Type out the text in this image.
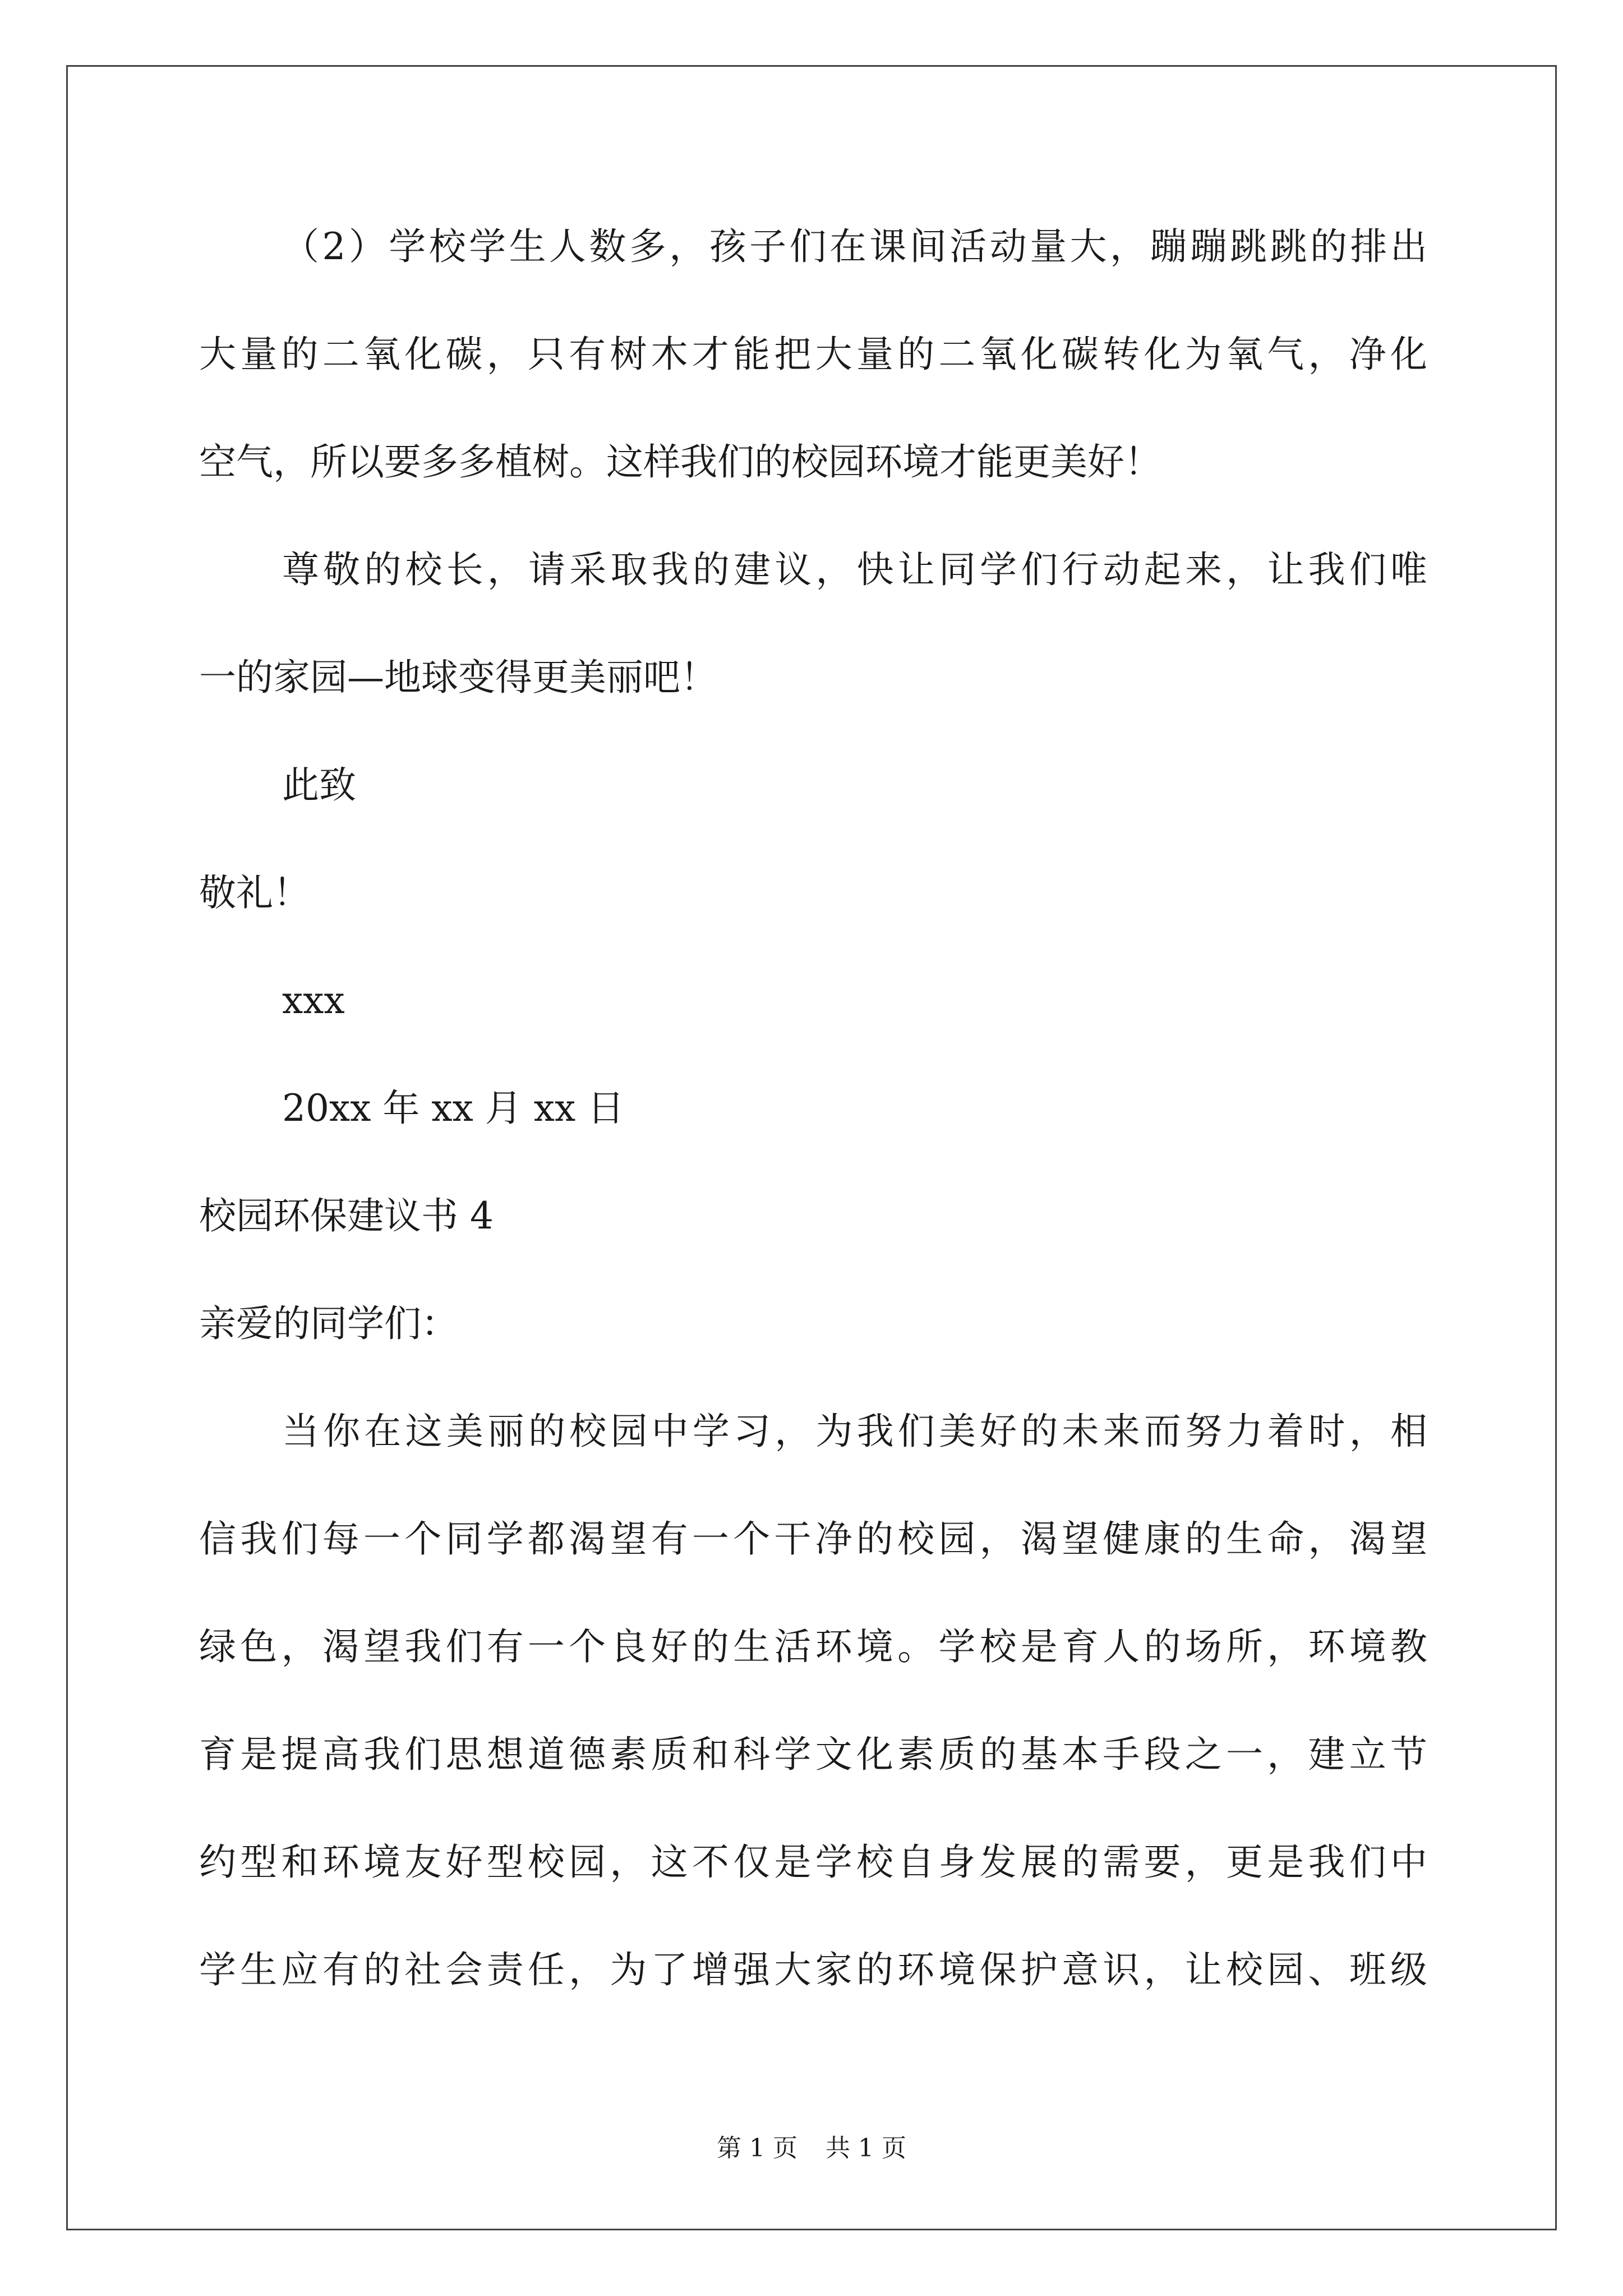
（2）学校学生人数多，孩子们在课间活动量大，蹦蹦跳跳的排出
大量的二氧化碳，只有树木才能把大量的二氧化碳转化为氧气，净化
空气，所以要多多植树。这样我们的校园环境才能更美好！
尊敬的校长，请采取我的建议，快让同学们行动起来，让我们唯
一的家园—地球变得更美丽吧！
此致
敬礼！
xxx
20xx 年 xx 月 xx 日
校园环保建议书 4
亲爱的同学们：
当你在这美丽的校园中学习，为我们美好的未来而努力着时，相
信我们每一个同学都渴望有一个干净的校园，渴望健康的生命，渴望
绿色，渴望我们有一个良好的生活环境。学校是育人的场所，环境教
育是提高我们思想道德素质和科学文化素质的基本手段之一，建立节
约型和环境友好型校园，这不仅是学校自身发展的需要，更是我们中
学生应有的社会责任，为了增强大家的环境保护意识，让校园、班级
第 1 页 共 1 页
